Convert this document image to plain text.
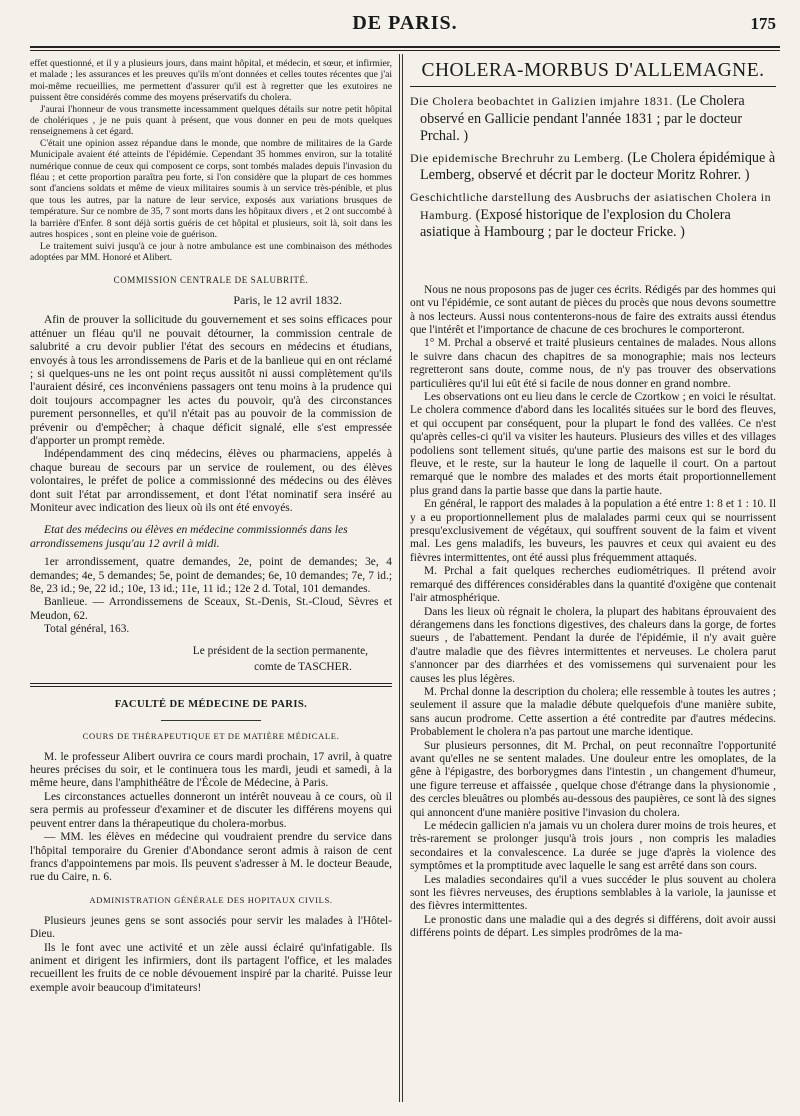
DE PARIS.	175

effet questionné, et il y a plusieurs jours, dans maint hôpital, et médecin, et sœur, et infirmier, et malade ; les assurances et les preuves qu'ils m'ont données et celles toutes récentes que j'ai moi-même recueillies, me permettent d'assurer qu'il est à regretter que les exutoires ne puissent être considérés comme des moyens préservatifs du cholera.

J'aurai l'honneur de vous transmette incessamment quelques détails sur notre petit hôpital de cholériques , je ne puis quant à présent, que vous donner en peu de mots quelques renseignemens à cet égard.

C'était une opinion assez répandue dans le monde, que nombre de militaires de la Garde Municipale avaient été atteints de l'épidémie. Cependant 35 hommes environ, sur la totalité numérique connue de ceux qui composent ce corps, sont tombés malades depuis l'invasion du fléau ; et cette proportion paraîtra peu forte, si l'on considère que la plupart de ces hommes sont d'anciens soldats et même de vieux militaires soumis à un service très-pénible, et plus que tous les autres, par la nature de leur service, exposés aux variations brusques de température. Sur ce nombre de 35, 7 sont morts dans les hôpitaux divers , et 2 ont succombé à la barrière d'Enfer. 8 sont déjà sortis guéris de cet hôpital et plusieurs, soit là, soit dans les autres hospices , sont en pleine voie de guérison.

Le traitement suivi jusqu'à ce jour à notre ambulance est une combinaison des méthodes adoptées par MM. Honoré et Alibert.

COMMISSION CENTRALE DE SALUBRITÉ.
Paris, le 12 avril 1832.

Afin de prouver la sollicitude du gouvernement et ses soins efficaces pour atténuer un fléau qu'il ne pouvait détourner, la commission centrale de salubrité a cru devoir publier l'état des secours en médecins et étudians, envoyés à tous les arrondissemens de Paris et de la banlieue qui en ont réclamé ; si quelques-uns ne les ont point reçus aussitôt ni aussi complètement qu'ils l'auraient désiré, ces inconvéniens passagers ont tenu moins à la prudence qui doit toujours accompagner les actes du pouvoir, qu'à des circonstances purement personnelles, et qu'il n'était pas au pouvoir de la commission de prévenir ou d'empêcher; à chaque déficit signalé, elle s'est empressée d'apporter un prompt remède.

Indépendamment des cinq médecins, élèves ou pharmaciens, appelés à chaque bureau de secours par un service de roulement, ou des élèves volontaires, le préfet de police a commissionné des médecins ou des élèves dont suit l'état par arrondissement, et dont l'état nominatif sera inséré au Moniteur avec indication des lieux où ils ont été envoyés.

Etat des médecins ou élèves en médecine commissionnés dans les arrondissemens jusqu'au 12 avril à midi.

1er arrondissement, quatre demandes, 2e, point de demandes; 3e, 4 demandes; 4e, 5 demandes; 5e, point de demandes; 6e, 10 demandes; 7e, 7 id.; 8e, 23 id.; 9e, 22 id.; 10e, 13 id.; 11e, 11 id.; 12e 2 d. Total, 101 demandes.

Banlieue. — Arrondissemens de Sceaux, St.-Denis, St.-Cloud, Sèvres et Meudon, 62.

Total général, 163.

Le président de la section permanente,
comte de TASCHER.
FACULTÉ DE MÉDECINE DE PARIS.
COURS DE THÉRAPEUTIQUE ET DE MATIÈRE MÉDICALE.

M. le professeur Alibert ouvrira ce cours mardi prochain, 17 avril, à quatre heures précises du soir, et le continuera tous les mardi, jeudi et samedi, à la même heure, dans l'amphithéâtre de l'École de Médecine, à Paris.

Les circonstances actuelles donneront un intérêt nouveau à ce cours, où il sera permis au professeur d'examiner et de discuter les différens moyens qui peuvent entrer dans la thérapeutique du cholera-morbus.

— MM. les élèves en médecine qui voudraient prendre du service dans l'hôpital temporaire du Grenier d'Abondance seront admis à raison de cent francs d'appointemens par mois. Ils peuvent s'adresser à M. le docteur Beaude, rue du Caire, n. 6.

ADMINISTRATION GÉNÉRALE DES HOPITAUX CIVILS.

Plusieurs jeunes gens se sont associés pour servir les malades à l'Hôtel-Dieu.

Ils le font avec une activité et un zèle aussi éclairé qu'infatigable. Ils animent et dirigent les infirmiers, dont ils partagent l'office, et les malades recueillent les fruits de ce noble dévouement inspiré par la charité. Puisse leur exemple avoir beaucoup d'imitateurs!

CHOLERA-MORBUS D'ALLEMAGNE.
Die Cholera beobachtet in Galizien imjahre 1831. (Le Cholera observé en Gallicie pendant l'année 1831 ; par le docteur Prchal. )
Die epidemische Brechruhr zu Lemberg. (Le Cholera épidémique à Lemberg, observé et décrit par le docteur Moritz Rohrer. )
Geschichtliche darstellung des Ausbruchs der asiatischen Cholera in Hamburg. (Exposé historique de l'explosion du Cholera asiatique à Hambourg ; par le docteur Fricke. )

Nous ne nous proposons pas de juger ces écrits. Rédigés par des hommes qui ont vu l'épidémie, ce sont autant de pièces du procès que nous devons soumettre à nos lecteurs. Aussi nous contenterons-nous de faire des extraits aussi étendus que l'intérêt et l'importance de chacune de ces brochures le comporteront.

1° M. Prchal a observé et traité plusieurs centaines de malades. Nous allons le suivre dans chacun des chapitres de sa monographie; mais nos lecteurs regretteront sans doute, comme nous, de n'y pas trouver des observations particulières qu'il lui eût été si facile de nous donner en grand nombre.

Les observations ont eu lieu dans le cercle de Czortkow ; en voici le résultat. Le cholera commence d'abord dans les localités situées sur le bord des fleuves, et qui occupent par conséquent, pour la plupart le fond des vallées. Ce n'est qu'après celles-ci qu'il va visiter les hauteurs. Plusieurs des villes et des villages podoliens sont tellement situés, qu'une partie des maisons est sur le bord du fleuve, et le reste, sur la hauteur le long de laquelle il court. On a partout remarqué que le nombre des malades et des morts était proportionnellement plus grand dans la partie basse que dans la partie haute.

En général, le rapport des malades à la population a été entre 1: 8 et 1 : 10. Il y a eu proportionnellement plus de malalades parmi ceux qui se nourrissent presqu'exclusivement de végétaux, qui souffrent souvent de la faim et vivent mal. Les gens maladifs, les buveurs, les pauvres et ceux qui avaient eu des fièvres intermittentes, ont été aussi plus fréquemment attaqués.

M. Prchal a fait quelques recherches eudiométriques. Il prétend avoir remarqué des différences considérables dans la quantité d'oxigène que contenait l'air atmosphérique.

Dans les lieux où régnait le cholera, la plupart des habitans éprouvaient des dérangemens dans les fonctions digestives, des chaleurs dans la gorge, de fortes sueurs , de l'abattement. Pendant la durée de l'épidémie, il n'y avait guère d'autre maladie que des fièvres intermittentes et nerveuses. Le cholera parut s'annoncer par des diarrhées et des vomissemens qui survenaient pour les causes les plus légères.

M. Prchal donne la description du cholera; elle ressemble à toutes les autres ; seulement il assure que la maladie débute quelquefois d'une manière subite, sans aucun prodrome. Cette assertion a été contredite par d'autres médecins. Probablement le cholera n'a pas partout une marche identique.

Sur plusieurs personnes, dit M. Prchal, on peut reconnaître l'opportunité avant qu'elles ne se sentent malades. Une douleur entre les omoplates, de la gêne à l'épigastre, des borborygmes dans l'intestin , un changement d'humeur, une figure terreuse et affaissée , quelque chose d'étrange dans la physionomie , des cercles bleuâtres ou plombés au-dessous des paupières, ce sont là des signes qui annoncent d'une manière positive l'invasion du cholera.

Le médecin gallicien n'a jamais vu un cholera durer moins de trois heures, et très-rarement se prolonger jusqu'à trois jours , non compris les maladies secondaires et la convalescence. La durée se juge d'après la violence des symptômes et la promptitude avec laquelle le sang est arrêté dans son cours.

Les maladies secondaires qu'il a vues succéder le plus souvent au cholera sont les fièvres nerveuses, des éruptions semblables à la variole, la jaunisse et des fièvres intermittentes.

Le pronostic dans une maladie qui a des degrés si différens, doit avoir aussi différens points de départ. Les simples prodrômes de la ma-
